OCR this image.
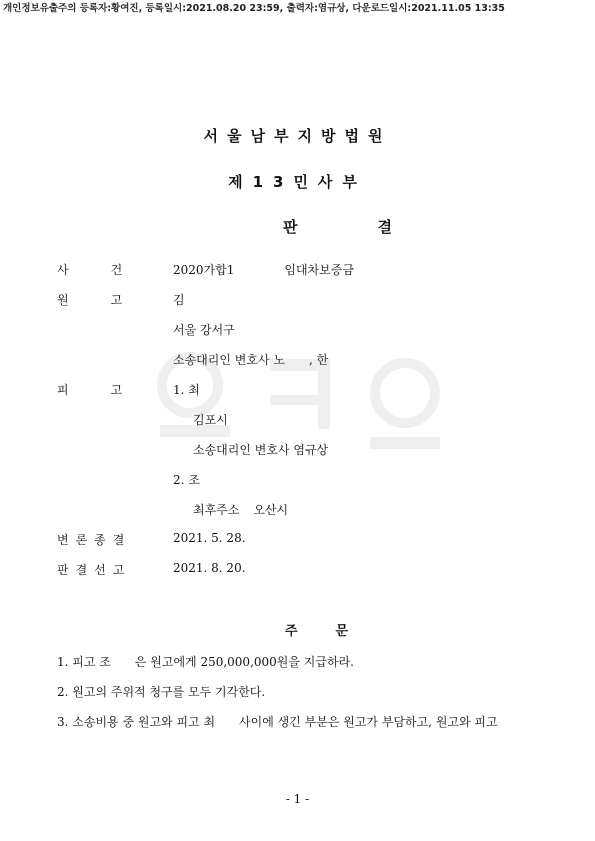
개인정보유출주의 등록자:황여진, 등록일시:2021.08.20 23:59, 출력자:염규상, 다운로드일시:2021.11.05 13:35
서울남부지방법원
제13민사부
판결
사건 2020가합1	임대차보증금
원고 김
서울 강서구
소송대리인 변호사 노 , 한
피고 1. 최
김포시
소송대리인 변호사 염규상
2. 조
최후주소 오산시
변론종결	2021. 5. 28.
판결선고	2021. 8. 20.
주문
1. 피고 조 은 원고에게 250,000,000원을 지급하라.
2. 원고의 주위적 청구를 모두 기각한다.
3. 소송비용 중 원고와 피고 최 사이에 생긴 부분은 원고가 부담하고, 원고와 피고
- 1 -
